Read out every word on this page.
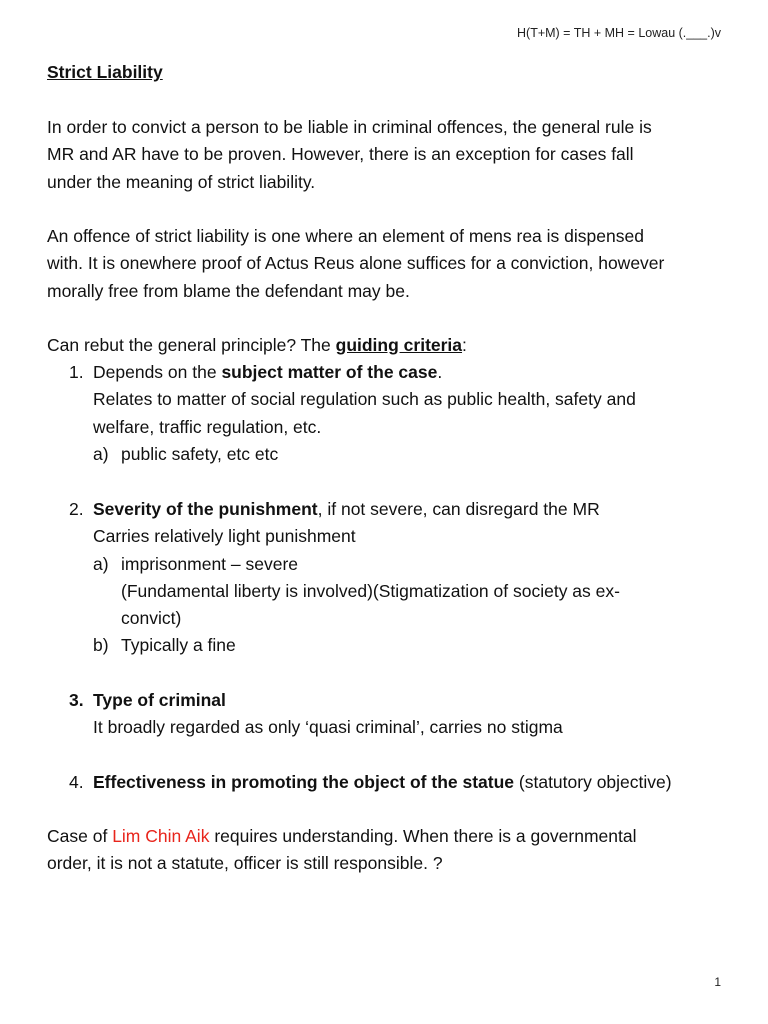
H(T+M) = TH + MH = Lowau (.___.)v
Strict Liability
In order to convict a person to be liable in criminal offences, the general rule is
MR and AR have to be proven. However, there is an exception for cases fall
under the meaning of strict liability.
An offence of strict liability is one where an element of mens rea is dispensed
with. It is onewhere proof of Actus Reus alone suffices for a conviction, however
morally free from blame the defendant may be.
Can rebut the general principle? The guiding criteria:
1. Depends on the subject matter of the case.
Relates to matter of social regulation such as public health, safety and
welfare, traffic regulation, etc.
a) public safety, etc etc
2. Severity of the punishment, if not severe, can disregard the MR
Carries relatively light punishment
a) imprisonment – severe
(Fundamental liberty is involved)(Stigmatization of society as ex-
convict)
b) Typically a fine
3. Type of criminal
It broadly regarded as only ‘quasi criminal’, carries no stigma
4. Effectiveness in promoting the object of the statue (statutory objective)
Case of Lim Chin Aik requires understanding. When there is a governmental
order, it is not a statute, officer is still responsible. ?
1
